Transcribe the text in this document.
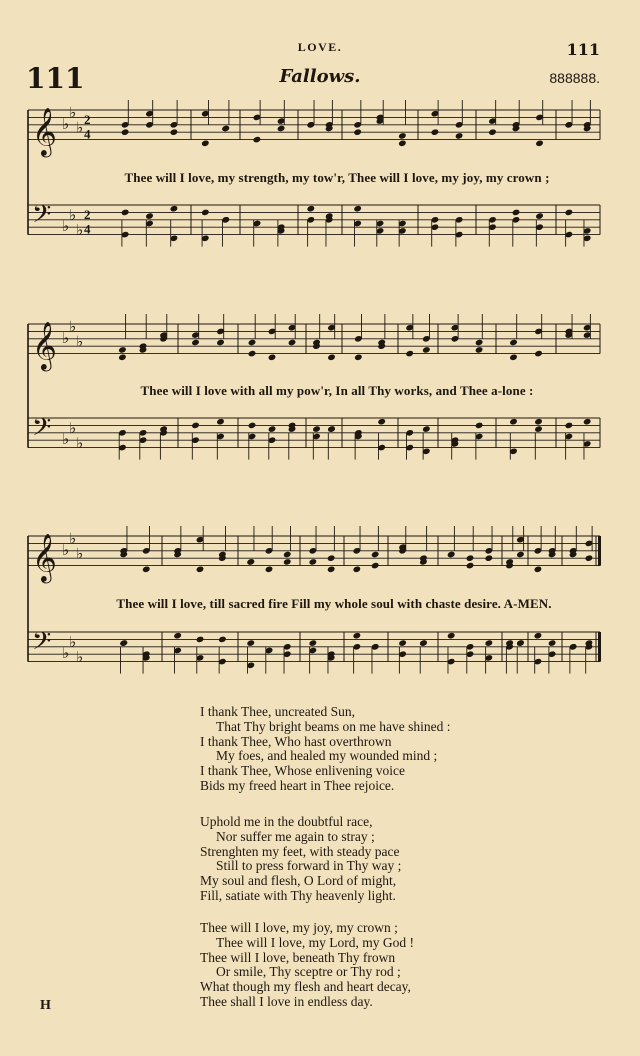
LOVE.	111
111	Fallows.	888888.
𝄞 ♭
♭
♭ 2
4
𝄢 ♭
♭
♭
2
4
𝄞 ♭
♭
♭
𝄢 ♭
♭
♭
𝄞 ♭
♭
♭
𝄢 ♭
♭
♭
Thee will I love, my strength, my tow'r, Thee will I love, my joy, my crown ;
Thee will I love with all my pow'r, In all Thy works, and Thee a-lone :
Thee will I love, till sacred fire Fill my whole soul with chaste desire. A-MEN.
I thank Thee, uncreated Sun,
That Thy bright beams on me have shined :
I thank Thee, Who hast overthrown
My foes, and healed my wounded mind ;
I thank Thee, Whose enlivening voice
Bids my freed heart in Thee rejoice.
Uphold me in the doubtful race,
Nor suffer me again to stray ;
Strenghten my feet, with steady pace
Still to press forward in Thy way ;
My soul and flesh, O Lord of might,
Fill, satiate with Thy heavenly light.
Thee will I love, my joy, my crown ;
Thee will I love, my Lord, my God !
Thee will I love, beneath Thy frown
Or smile, Thy sceptre or Thy rod ;
What though my flesh and heart decay,
Thee shall I love in endless day.
H
